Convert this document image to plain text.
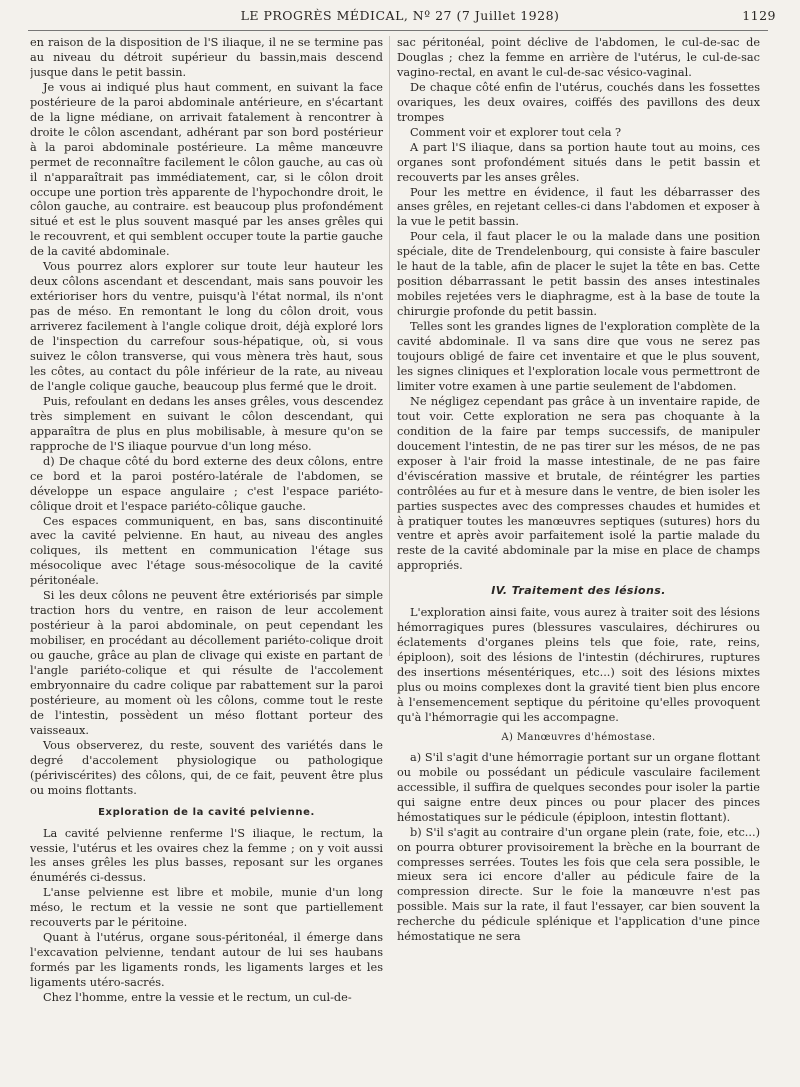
LE PROGRÈS MÉDICAL, Nº 27 (7 Juillet 1928)	1129

en raison de la disposition de l'S iliaque, il ne se termine pas au niveau du détroit supérieur du bassin,mais descend jusque dans le petit bassin.

Je vous ai indiqué plus haut comment, en suivant la face postérieure de la paroi abdominale antérieure, en s'écartant de la ligne médiane, on arrivait fatalement à rencontrer à droite le côlon ascendant, adhérant par son bord postérieur à la paroi abdominale postérieure. La même manœuvre permet de reconnaître facilement le côlon gauche, au cas où il n'apparaîtrait pas immédiatement, car, si le côlon droit occupe une portion très apparente de l'hypochondre droit, le côlon gauche, au contraire. est beaucoup plus profondément situé et est le plus souvent masqué par les anses grêles qui le recouvrent, et qui semblent occuper toute la partie gauche de la cavité abdominale.

Vous pourrez alors explorer sur toute leur hauteur les deux côlons ascendant et descendant, mais sans pouvoir les extérioriser hors du ventre, puisqu'à l'état normal, ils n'ont pas de méso. En remontant le long du côlon droit, vous arriverez facilement à l'angle colique droit, déjà exploré lors de l'inspection du carrefour sous-hépatique, où, si vous suivez le côlon transverse, qui vous mènera très haut, sous les côtes, au contact du pôle inférieur de la rate, au niveau de l'angle colique gauche, beaucoup plus fermé que le droit.

Puis, refoulant en dedans les anses grêles, vous descendez très simplement en suivant le côlon descendant, qui apparaîtra de plus en plus mobilisable, à mesure qu'on se rapproche de l'S iliaque pourvue d'un long méso.

d) De chaque côté du bord externe des deux côlons, entre ce bord et la paroi postéro-latérale de l'abdomen, se développe un espace angulaire ; c'est l'espace pariéto-côlique droit et l'espace pariéto-côlique gauche.

Ces espaces communiquent, en bas, sans discontinuité avec la cavité pelvienne. En haut, au niveau des angles coliques, ils mettent en communication l'étage sus mésocolique avec l'étage sous-mésocolique de la cavité péritonéale.

Si les deux côlons ne peuvent être extériorisés par simple traction hors du ventre, en raison de leur accolement postérieur à la paroi abdominale, on peut cependant les mobiliser, en procédant au décollement pariéto-colique droit ou gauche, grâce au plan de clivage qui existe en partant de l'angle pariéto-colique et qui résulte de l'accolement embryonnaire du cadre colique par rabattement sur la paroi postérieure, au moment où les côlons, comme tout le reste de l'intestin, possèdent un méso flottant porteur des vaisseaux.

Vous observerez, du reste, souvent des variétés dans le degré d'accolement physiologique ou pathologique (périviscérites) des côlons, qui, de ce fait, peuvent être plus ou moins flottants.

Exploration de la cavité pelvienne.

La cavité pelvienne renferme l'S iliaque, le rectum, la vessie, l'utérus et les ovaires chez la femme ; on y voit aussi les anses grêles les plus basses, reposant sur les organes énumérés ci-dessus.

L'anse pelvienne est libre et mobile, munie d'un long méso, le rectum et la vessie ne sont que partiellement recouverts par le péritoine.

Quant à l'utérus, organe sous-péritonéal, il émerge dans l'excavation pelvienne, tendant autour de lui ses haubans formés par les ligaments ronds, les ligaments larges et les ligaments utéro-sacrés.

Chez l'homme, entre la vessie et le rectum, un cul-de-

sac péritonéal, point déclive de l'abdomen, le cul-de-sac de Douglas ; chez la femme en arrière de l'utérus, le cul-de-sac vagino-rectal, en avant le cul-de-sac vésico-vaginal.

De chaque côté enfin de l'utérus, couchés dans les fossettes ovariques, les deux ovaires, coiffés des pavillons des deux trompes

Comment voir et explorer tout cela ?

A part l'S iliaque, dans sa portion haute tout au moins, ces organes sont profondément situés dans le petit bassin et recouverts par les anses grêles.

Pour les mettre en évidence, il faut les débarrasser des anses grêles, en rejetant celles-ci dans l'abdomen et exposer à la vue le petit bassin.

Pour cela, il faut placer le ou la malade dans une position spéciale, dite de Trendelenbourg, qui consiste à faire basculer le haut de la table, afin de placer le sujet la tête en bas. Cette position débarrassant le petit bassin des anses intestinales mobiles rejetées vers le diaphragme, est à la base de toute la chirurgie profonde du petit bassin.

Telles sont les grandes lignes de l'exploration complète de la cavité abdominale. Il va sans dire que vous ne serez pas toujours obligé de faire cet inventaire et que le plus souvent, les signes cliniques et l'exploration locale vous permettront de limiter votre examen à une partie seulement de l'abdomen.

Ne négligez cependant pas grâce à un inventaire rapide, de tout voir. Cette exploration ne sera pas choquante à la condition de la faire par temps successifs, de manipuler doucement l'intestin, de ne pas tirer sur les mésos, de ne pas exposer à l'air froid la masse intestinale, de ne pas faire d'éviscération massive et brutale, de réintégrer les parties contrôlées au fur et à mesure dans le ventre, de bien isoler les parties suspectes avec des compresses chaudes et humides et à pratiquer toutes les manœuvres septiques (sutures) hors du ventre et après avoir parfaitement isolé la partie malade du reste de la cavité abdominale par la mise en place de champs appropriés.

IV. Traitement des lésions.

L'exploration ainsi faite, vous aurez à traiter soit des lésions hémorragiques pures (blessures vasculaires, déchirures ou éclatements d'organes pleins tels que foie, rate, reins, épiploon), soit des lésions de l'intestin (déchirures, ruptures des insertions mésentériques, etc...) soit des lésions mixtes plus ou moins complexes dont la gravité tient bien plus encore à l'ensemencement septique du péritoine qu'elles provoquent qu'à l'hémorragie qui les accompagne.

A) Manœuvres d'hémostase.

a) S'il s'agit d'une hémorragie portant sur un organe flottant ou mobile ou possédant un pédicule vasculaire facilement accessible, il suffira de quelques secondes pour isoler la partie qui saigne entre deux pinces ou pour placer des pinces hémostatiques sur le pédicule (épiploon, intestin flottant).

b) S'il s'agit au contraire d'un organe plein (rate, foie, etc...) on pourra obturer provisoirement la brèche en la bourrant de compresses serrées. Toutes les fois que cela sera possible, le mieux sera ici encore d'aller au pédicule faire de la compression directe. Sur le foie la manœuvre n'est pas possible. Mais sur la rate, il faut l'essayer, car bien souvent la recherche du pédicule splénique et l'application d'une pince hémostatique ne sera
